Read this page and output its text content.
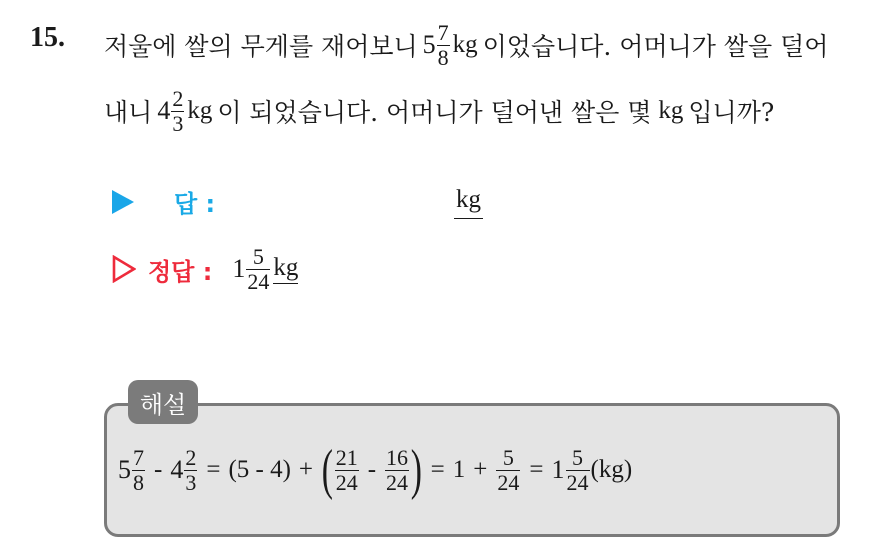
15. 저울에 쌀의 무게를 재어보니 $5 \frac{7}{8}$ kg 이었습니다. 어머니가 쌀을 덜어
내니 $4 \frac{2}{3}$ kg 이 되었습니다. 어머니가 덜어낸 쌀은 몇 kg 입니까?
답 :	kg
정답 : $1 \frac{5}{24}$ kg
해설
$5 \frac{7}{8} - 4 \frac{2}{3} = (5 - 4)$ + ( $\frac{21}{24} - \frac{16}{24}$ ) = $1 + \frac{5}{24} = 1 \frac{5}{24} (kg)$
